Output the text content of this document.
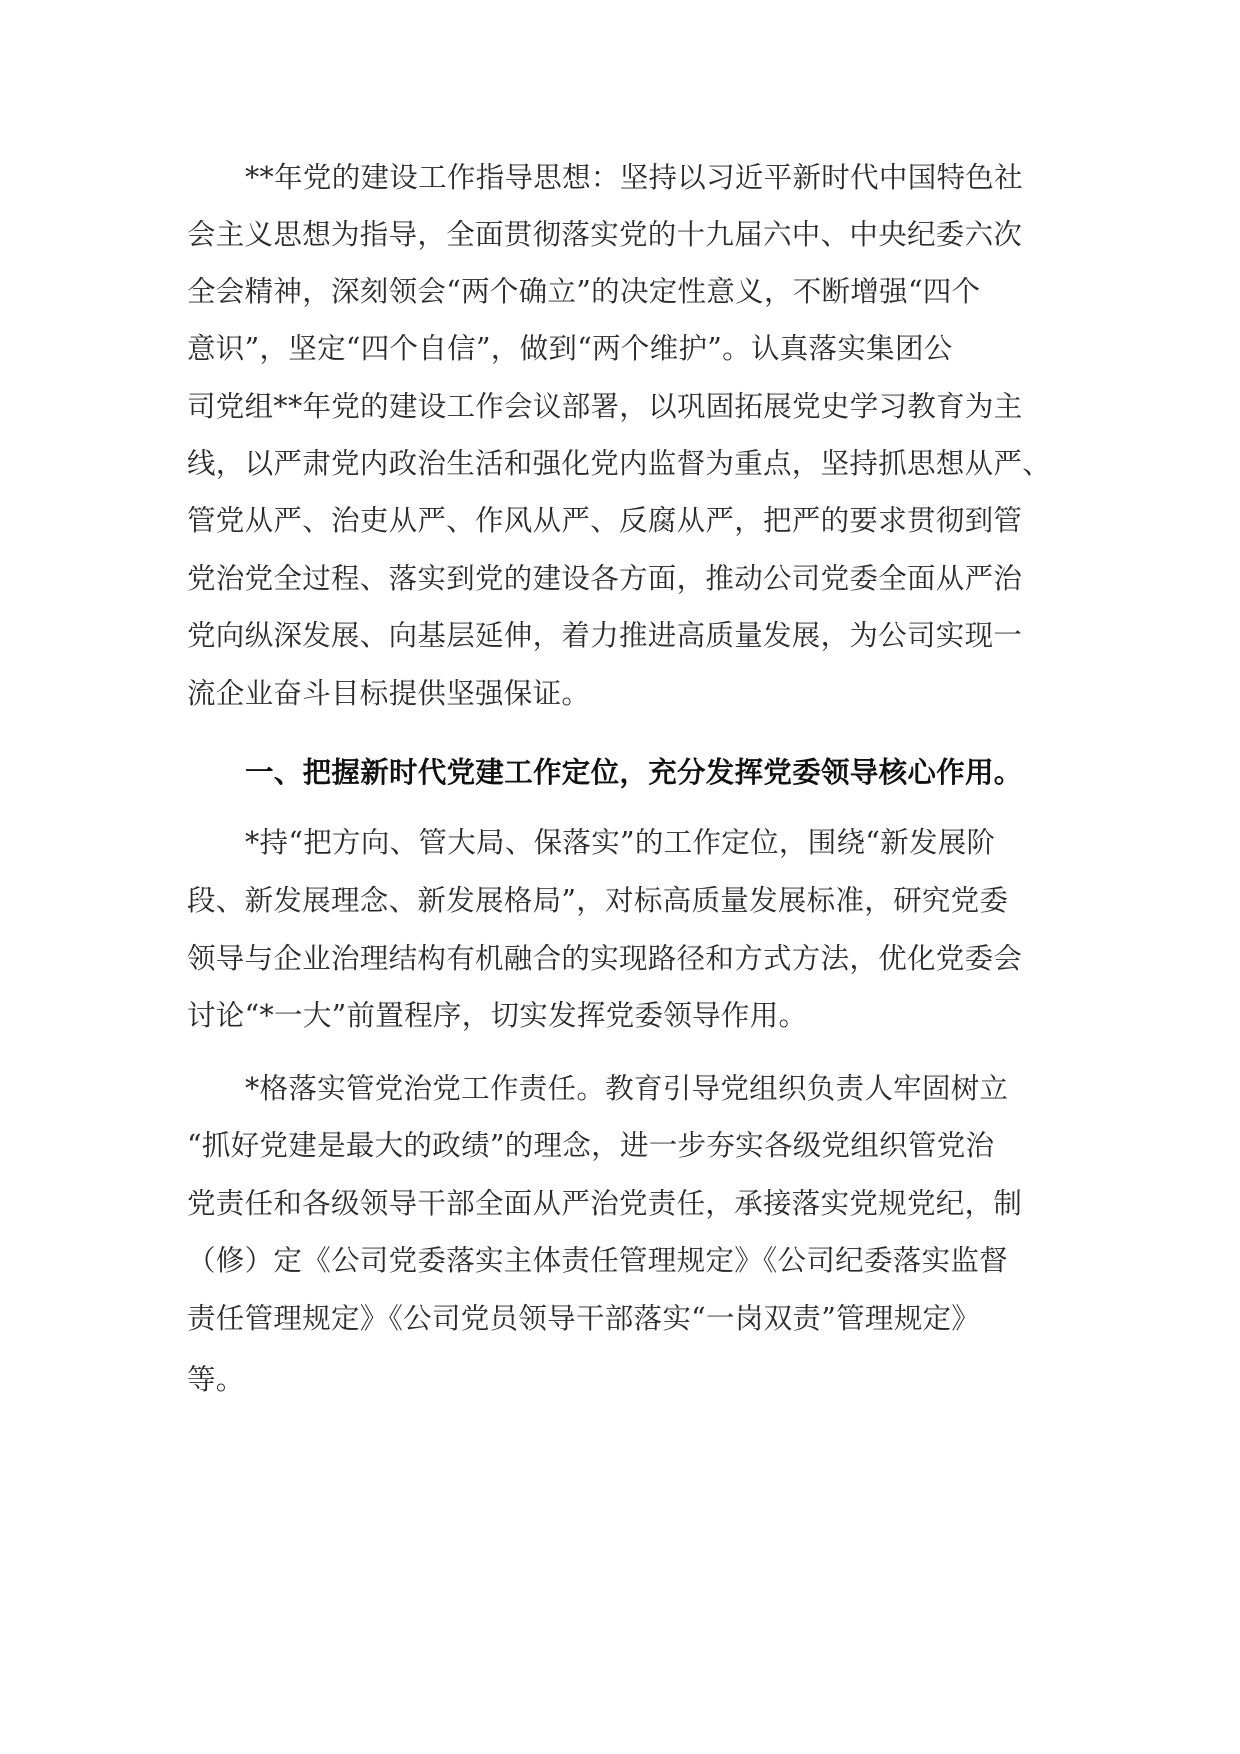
**年党的建设工作指导思想：坚持以习近平新时代中国特色社
会主义思想为指导，全面贯彻落实党的十九届六中、中央纪委六次
全会精神，深刻领会“两个确立”的决定性意义，不断增强“四个
意识”，坚定“四个自信”，做到“两个维护”。认真落实集团公
司党组**年党的建设工作会议部署，以巩固拓展党史学习教育为主
线，以严肃党内政治生活和强化党内监督为重点，坚持抓思想从严、
管党从严、治吏从严、作风从严、反腐从严，把严的要求贯彻到管
党治党全过程、落实到党的建设各方面，推动公司党委全面从严治
党向纵深发展、向基层延伸，着力推进高质量发展，为公司实现一
流企业奋斗目标提供坚强保证。
一、把握新时代党建工作定位，充分发挥党委领导核心作用。
*持“把方向、管大局、保落实”的工作定位，围绕“新发展阶
段、新发展理念、新发展格局”，对标高质量发展标准，研究党委
领导与企业治理结构有机融合的实现路径和方式方法，优化党委会
讨论“*一大”前置程序，切实发挥党委领导作用。
*格落实管党治党工作责任。教育引导党组织负责人牢固树立
“抓好党建是最大的政绩”的理念，进一步夯实各级党组织管党治
党责任和各级领导干部全面从严治党责任，承接落实党规党纪，制
（修）定《公司党委落实主体责任管理规定》《公司纪委落实监督
责任管理规定》《公司党员领导干部落实“一岗双责”管理规定》
等。
